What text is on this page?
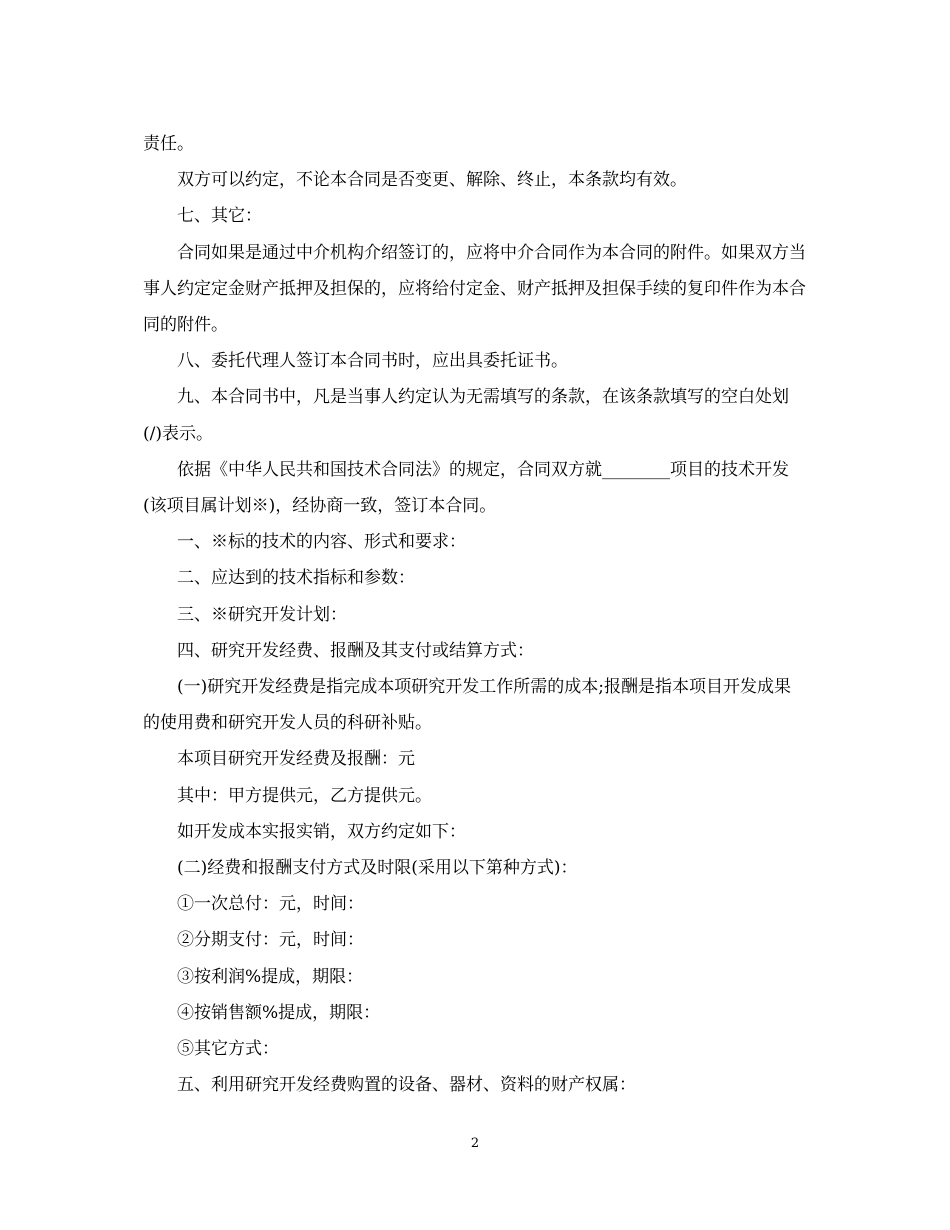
责任。

双方可以约定，不论本合同是否变更、解除、终止，本条款均有效。

七、其它：

合同如果是通过中介机构介绍签订的，应将中介合同作为本合同的附件。如果双方当事人约定定金财产抵押及担保的，应将给付定金、财产抵押及担保手续的复印件作为本合同的附件。

八、委托代理人签订本合同书时，应出具委托证书。

九、本合同书中，凡是当事人约定认为无需填写的条款，在该条款填写的空白处划(/)表示。

依据《中华人民共和国技术合同法》的规定，合同双方就________项目的技术开发(该项目属计划※)，经协商一致，签订本合同。

一、※标的技术的内容、形式和要求：

二、应达到的技术指标和参数：

三、※研究开发计划：

四、研究开发经费、报酬及其支付或结算方式：

(一)研究开发经费是指完成本项研究开发工作所需的成本;报酬是指本项目开发成果的使用费和研究开发人员的科研补贴。

本项目研究开发经费及报酬：元

其中：甲方提供元，乙方提供元。

如开发成本实报实销，双方约定如下：

(二)经费和报酬支付方式及时限(采用以下第种方式)：

①一次总付：元，时间：

②分期支付：元，时间：

③按利润%提成，期限：

④按销售额%提成，期限：

⑤其它方式：

五、利用研究开发经费购置的设备、器材、资料的财产权属：

2
